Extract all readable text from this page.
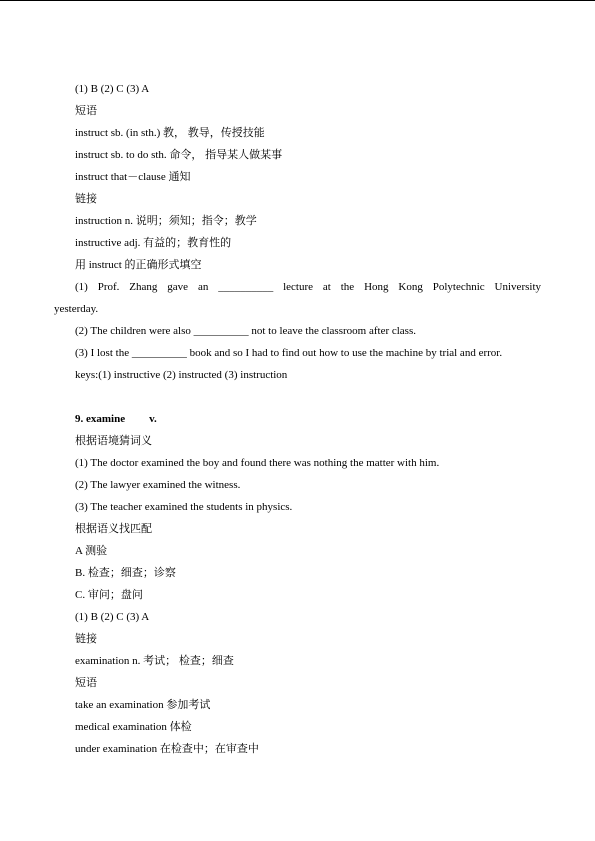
(1) B (2) C (3) A
短语
instruct sb. (in sth.) 教， 教导，传授技能
instruct sb. to do sth. 命令， 指导某人做某事
instruct that－clause 通知
链接
instruction n. 说明；须知；指令；教学
instructive adj. 有益的；教育性的
用 instruct 的正确形式填空
(1) Prof. Zhang gave an __________ lecture at the Hong Kong Polytechnic University
yesterday.
(2) The children were also __________ not to leave the classroom after class.
(3) I lost the __________ book and so I had to find out how to use the machine by trial and error.
keys:(1) instructive (2) instructed (3) instruction
9. examine v.
根据语境猜词义
(1) The doctor examined the boy and found there was nothing the matter with him.
(2) The lawyer examined the witness.
(3) The teacher examined the students in physics.
根据语义找匹配
A 测验
B. 检查；细查；诊察
C. 审问；盘问
(1) B (2) C (3) A
链接
examination n. 考试； 检查；细查
短语
take an examination 参加考试
medical examination 体检
under examination 在检查中；在审查中
